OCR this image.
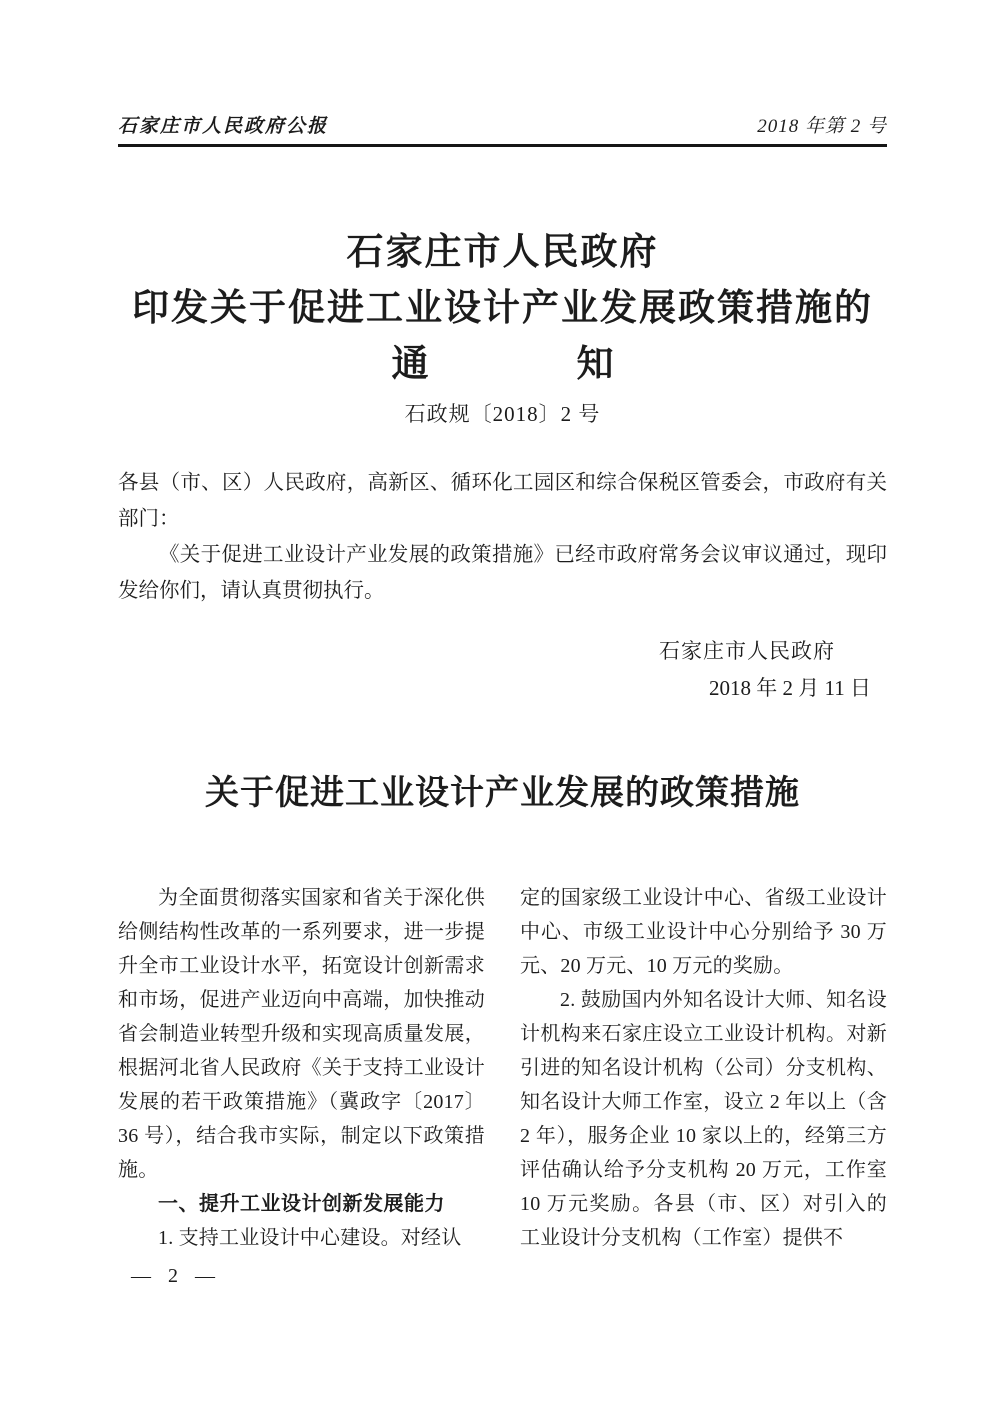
石家庄市人民政府公报	2018 年第 2 号
石家庄市人民政府
印发关于促进工业设计产业发展政策措施的
通	知
石政规〔2018〕2 号

各县（市、区）人民政府，高新区、循环化工园区和综合保税区管委会，市政府有关部门：

《关于促进工业设计产业发展的政策措施》已经市政府常务会议审议通过，现印发给你们，请认真贯彻执行。

石家庄市人民政府
2018 年 2 月 11 日
关于促进工业设计产业发展的政策措施

为全面贯彻落实国家和省关于深化供给侧结构性改革的一系列要求，进一步提升全市工业设计水平，拓宽设计创新需求和市场，促进产业迈向中高端，加快推动省会制造业转型升级和实现高质量发展，根据河北省人民政府《关于支持工业设计发展的若干政策措施》（冀政字〔2017〕36 号），结合我市实际，制定以下政策措施。

一、提升工业设计创新发展能力

1. 支持工业设计中心建设。对经认

定的国家级工业设计中心、省级工业设计中心、市级工业设计中心分别给予 30 万元、20 万元、10 万元的奖励。

2. 鼓励国内外知名设计大师、知名设计机构来石家庄设立工业设计机构。对新引进的知名设计机构（公司）分支机构、知名设计大师工作室，设立 2 年以上（含 2 年），服务企业 10 家以上的，经第三方评估确认给予分支机构 20 万元，工作室 10 万元奖励。各县（市、区）对引入的工业设计分支机构（工作室）提供不

— 2 —
